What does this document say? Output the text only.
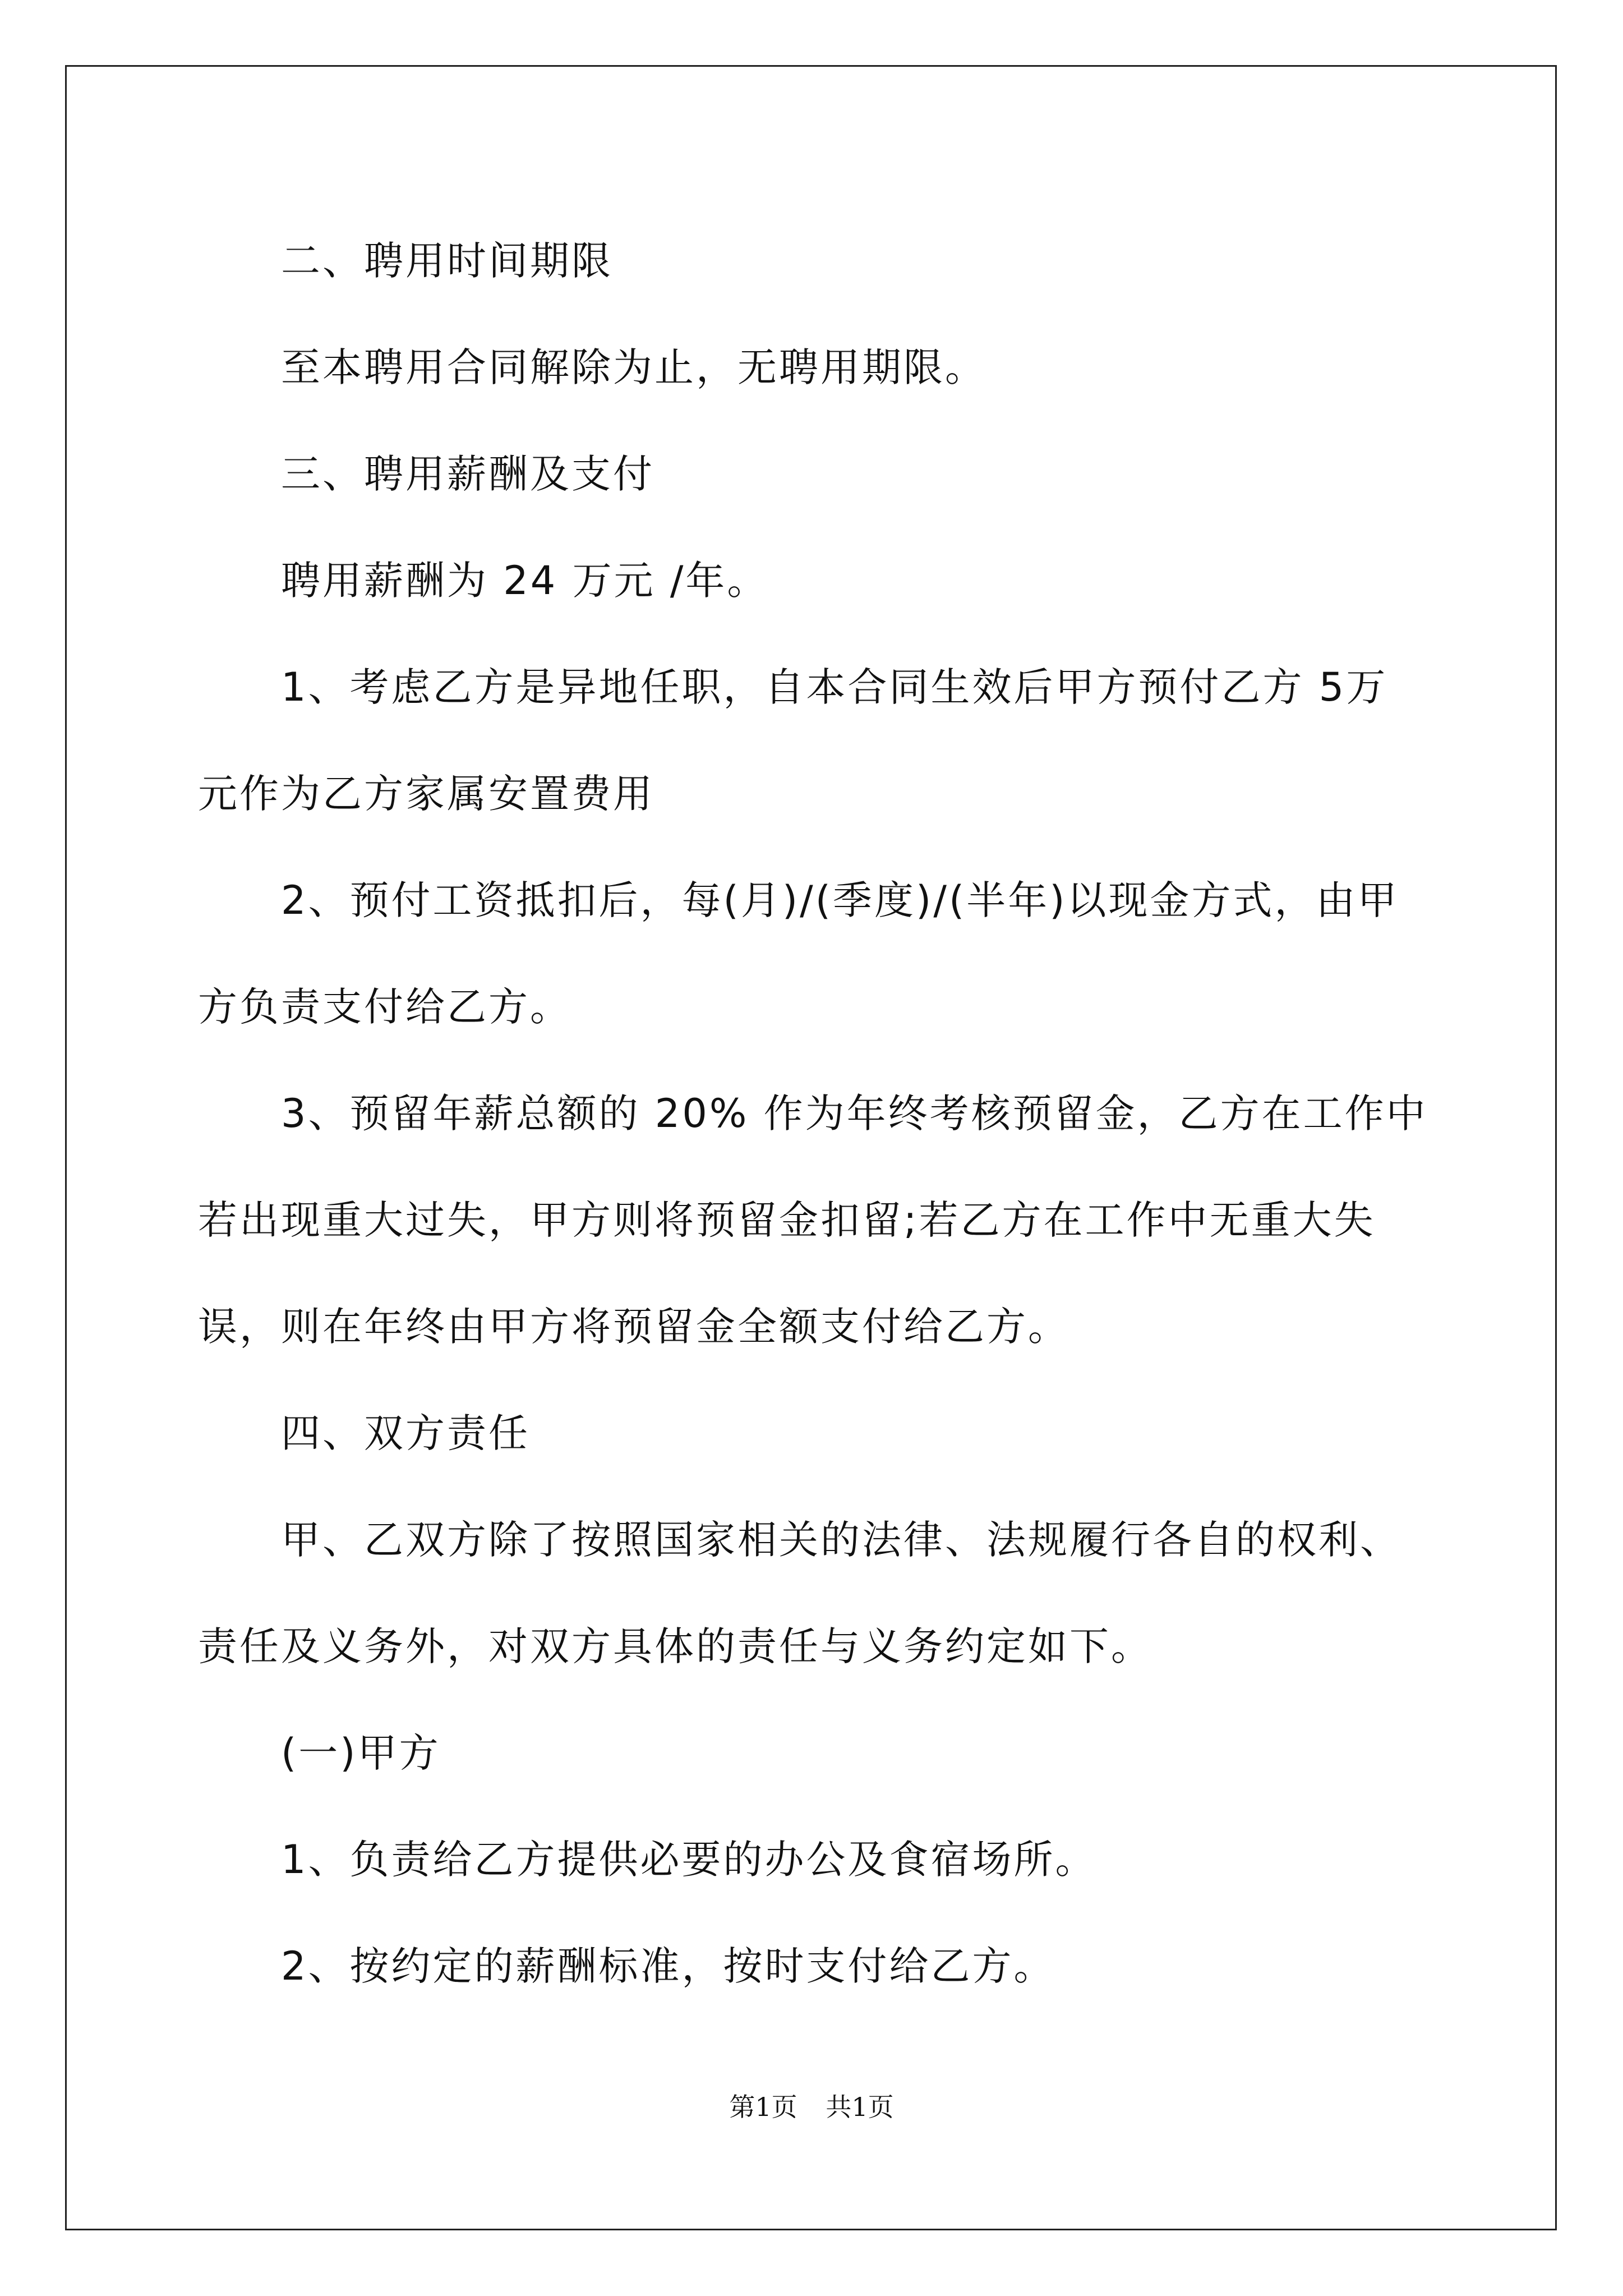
二、聘用时间期限

至本聘用合同解除为止，无聘用期限。

三、聘用薪酬及支付

聘用薪酬为 24 万元 /年。

1、考虑乙方是异地任职，自本合同生效后甲方预付乙方 5万元作为乙方家属安置费用

2、预付工资抵扣后，每(月)/(季度)/(半年)以现金方式，由甲方负责支付给乙方。

3、预留年薪总额的 20% 作为年终考核预留金，乙方在工作中若出现重大过失，甲方则将预留金扣留;若乙方在工作中无重大失误，则在年终由甲方将预留金全额支付给乙方。

四、双方责任

甲、乙双方除了按照国家相关的法律、法规履行各自的权利、责任及义务外，对双方具体的责任与义务约定如下。

(一)甲方

1、负责给乙方提供必要的办公及食宿场所。

2、按约定的薪酬标准，按时支付给乙方。

第1页 共1页
